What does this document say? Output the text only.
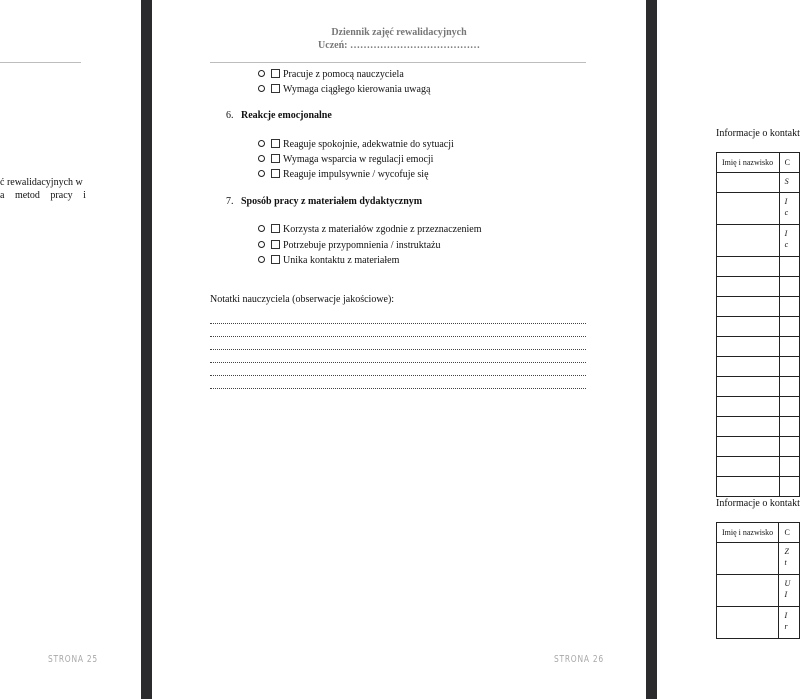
ć rewalidacyjnych w
a metod pracy i
STRONA 25
Dziennik zajęć rewalidacyjnych
Uczeń: …………………………………
Pracuje z pomocą nauczyciela
Wymaga ciągłego kierowania uwagą
6. Reakcje emocjonalne
Reaguje spokojnie, adekwatnie do sytuacji
Wymaga wsparcia w regulacji emocji
Reaguje impulsywnie / wycofuje się
7. Sposób pracy z materiałem dydaktycznym
Korzysta z materiałów zgodnie z przeznaczeniem
Potrzebuje przypomnienia / instruktażu
Unika kontaktu z materiałem
Notatki nauczyciela (obserwacje jakościowe):
STRONA 26
Informacje o kontakt
Imię i nazwisko	C
	S
	I
c
	I
c

Informacje o kontakt
Imię i nazwisko	C
	Z
t
	U
I
	I
r
